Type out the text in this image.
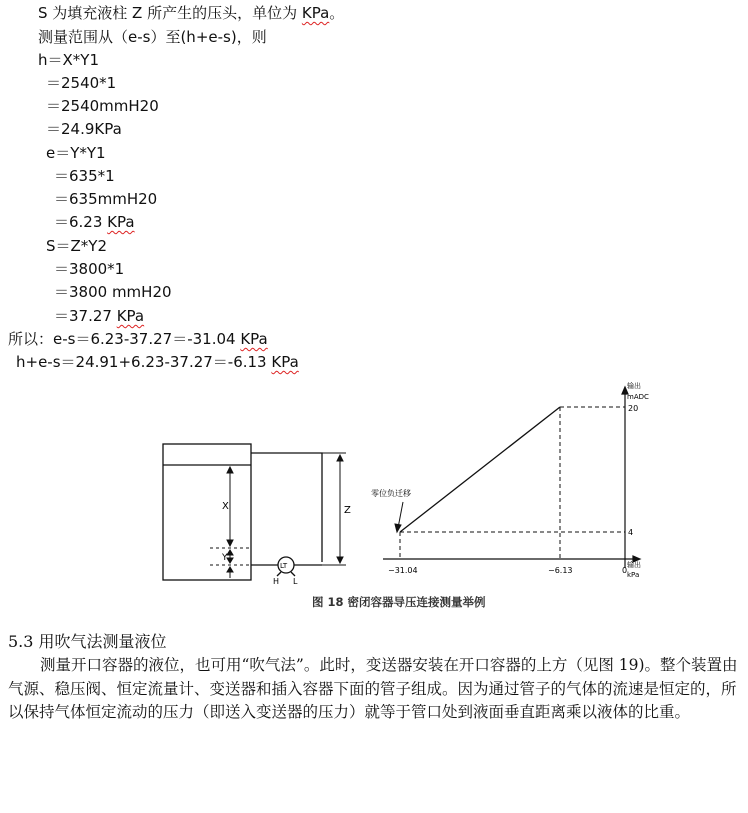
S 为填充液柱 Z 所产生的压头，单位为 KPa。
测量范围从（e-s）至(h+e-s)，则
h＝X*Y1
＝2540*1
＝2540mmH20
＝24.9KPa
e＝Y*Y1
＝635*1
＝635mmH20
＝6.23 KPa
S＝Z*Y2
＝3800*1
＝3800 mmH20
＝37.27 KPa
所以：e-s＝6.23-37.27＝-31.04 KPa
h+e-s＝24.91+6.23-37.27＝-6.13 KPa
X
Y
Z
LT
H L
零位负迁移
输出
mADC
输出
kPa
20
4
−31.04	−6.13	0
图 18 密闭容器导压连接测量举例
5.3 用吹气法测量液位
测量开口容器的液位，也可用“吹气法”。此时，变送器安装在开口容器的上方（见图 19)。整个装置由气源、稳压阀、恒定流量计、变送器和插入容器下面的管子组成。因为通过管子的气体的流速是恒定的，所以保持气体恒定流动的压力（即送入变送器的压力）就等于管口处到液面垂直距离乘以液体的比重。
